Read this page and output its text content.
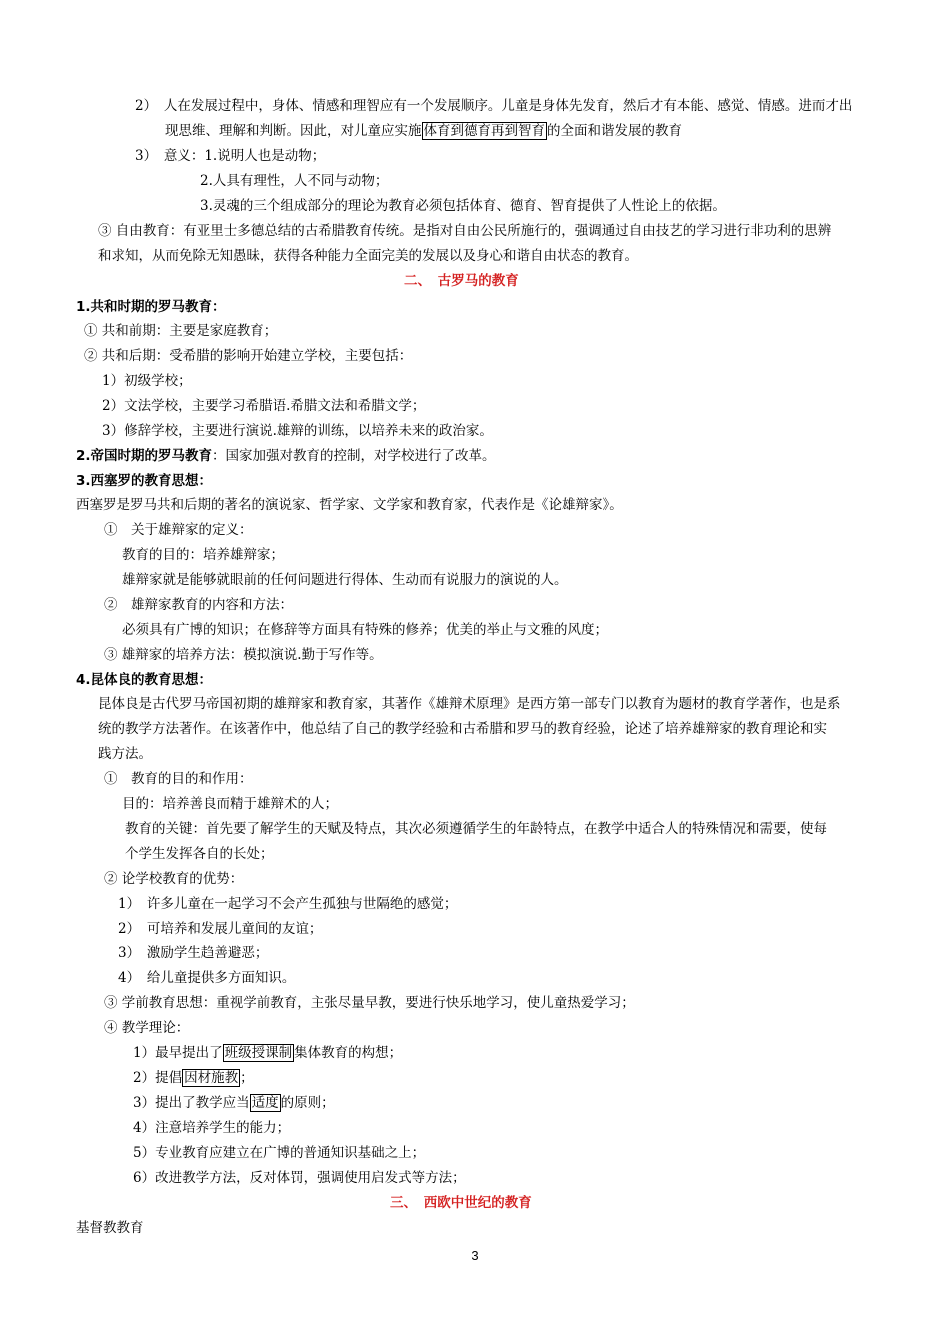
2）　人在发展过程中，身体、情感和理智应有一个发展顺序。儿童是身体先发育，然后才有本能、感觉、情感。进而才出
现思维、理解和判断。因此，对儿童应实施 体育到德育再到智育 的全面和谐发展的教育
3）　意义：1.说明人也是动物；
2.人具有理性，人不同与动物；
3.灵魂的三个组成部分的理论为教育必须包括体育、德育、智育提供了人性论上的依据。
③ 自由教育：有亚里士多德总结的古希腊教育传统。是指对自由公民所施行的，强调通过自由技艺的学习进行非功利的思辨
和求知，从而免除无知愚昧，获得各种能力全面完美的发展以及身心和谐自由状态的教育。
二、　古罗马的教育
1.共和时期的罗马教育：
① 共和前期：主要是家庭教育；
② 共和后期：受希腊的影响开始建立学校，主要包括：
1）初级学校；
2）文法学校，主要学习希腊语.希腊文法和希腊文学；
3）修辞学校，主要进行演说.雄辩的训练，以培养未来的政治家。
2.帝国时期的罗马教育：国家加强对教育的控制，对学校进行了改革。
3.西塞罗的教育思想：
西塞罗是罗马共和后期的著名的演说家、哲学家、文学家和教育家，代表作是《论雄辩家》。
①　关于雄辩家的定义：
教育的目的：培养雄辩家；
雄辩家就是能够就眼前的任何问题进行得体、生动而有说服力的演说的人。
②　雄辩家教育的内容和方法：
必须具有广博的知识；在修辞等方面具有特殊的修养；优美的举止与文雅的风度；
③ 雄辩家的培养方法：模拟演说.勤于写作等。
4.昆体良的教育思想：
昆体良是古代罗马帝国初期的雄辩家和教育家，其著作《雄辩术原理》是西方第一部专门以教育为题材的教育学著作，也是系
统的教学方法著作。在该著作中，他总结了自己的教学经验和古希腊和罗马的教育经验，论述了培养雄辩家的教育理论和实
践方法。
①　教育的目的和作用：
目的：培养善良而精于雄辩术的人；
教育的关键：首先要了解学生的天赋及特点，其次必须遵循学生的年龄特点，在教学中适合人的特殊情况和需要，使每
个学生发挥各自的长处；
② 论学校教育的优势：
1）　许多儿童在一起学习不会产生孤独与世隔绝的感觉；
2）　可培养和发展儿童间的友谊；
3）　激励学生趋善避恶；
4）　给儿童提供多方面知识。
③ 学前教育思想：重视学前教育，主张尽量早教，要进行快乐地学习，使儿童热爱学习；
④ 教学理论：
1）最早提出了 班级授课制 集体教育的构想；
2）提倡 因材施教 ；
3）提出了教学应当 适度 的原则；
4）注意培养学生的能力；
5）专业教育应建立在广博的普通知识基础之上；
6）改进教学方法，反对体罚，强调使用启发式等方法；
三、　西欧中世纪的教育
基督教教育
3
